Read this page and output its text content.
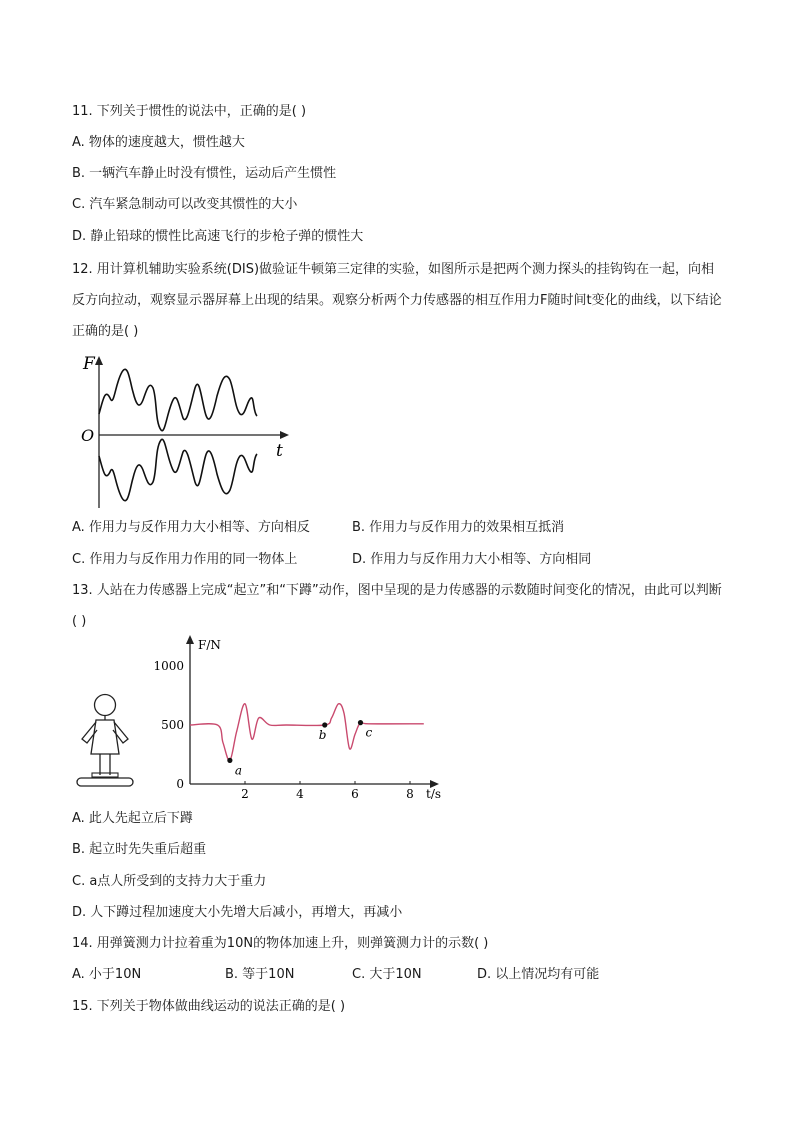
11. 下列关于惯性的说法中，正确的是( )
A. 物体的速度越大，惯性越大
B. 一辆汽车静止时没有惯性，运动后产生惯性
C. 汽车紧急制动可以改变其惯性的大小
D. 静止铅球的惯性比高速飞行的步枪子弹的惯性大
12. 用计算机辅助实验系统(DIS)做验证牛顿第三定律的实验，如图所示是把两个测力探头的挂钩钩在一起，向相反方向拉动，观察显示器屏幕上出现的结果。观察分析两个力传感器的相互作用力F随时间t变化的曲线，以下结论正确的是( )
F
O
t
A. 作用力与反作用力大小相等、方向相反	B. 作用力与反作用力的效果相互抵消
C. 作用力与反作用力作用的同一物体上	D. 作用力与反作用力大小相等、方向相同
13. 人站在力传感器上完成“起立”和“下蹲”动作，图中呈现的是力传感器的示数随时间变化的情况，由此可以判断( )
0
500
1000
2	4	6	8
a
b	c
F/N
t/s
A. 此人先起立后下蹲
B. 起立时先失重后超重
C. a点人所受到的支持力大于重力
D. 人下蹲过程加速度大小先增大后减小，再增大，再减小
14. 用弹簧测力计拉着重为10N的物体加速上升，则弹簧测力计的示数( )
A. 小于10N	B. 等于10N	C. 大于10N	D. 以上情况均有可能
15. 下列关于物体做曲线运动的说法正确的是( )
